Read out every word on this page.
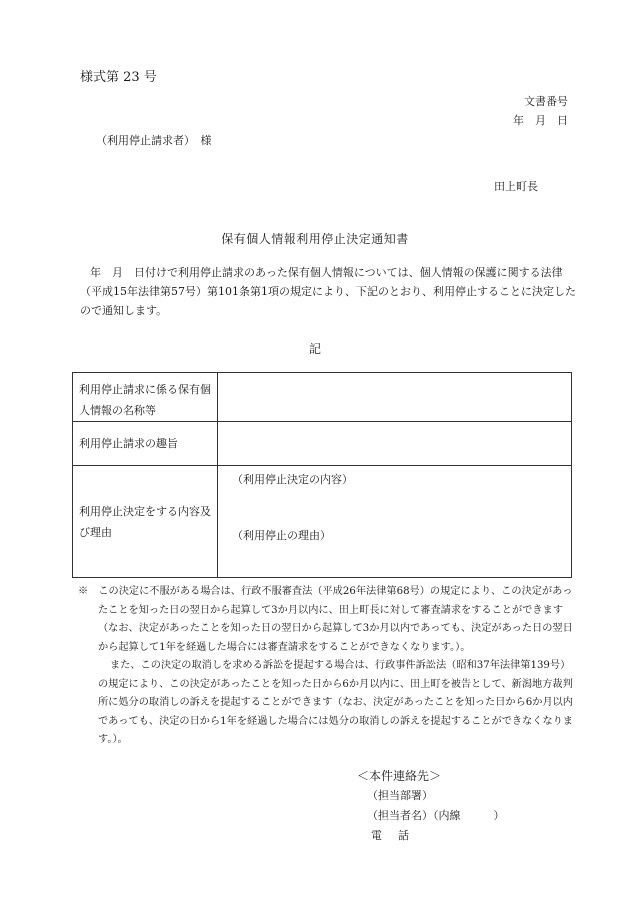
様式第 23 号
文書番号
年　月　日
（利用停止請求者）　様
田上町長
保有個人情報利用停止決定通知書
年　月　日付けで利用停止請求のあった保有個人情報については、個人情報の保護に関する法律（平成15年法律第57号）第101条第1項の規定により、下記のとおり、利用停止することに決定したので通知します。
記
利用停止請求に係る保有個人情報の名称等	
利用停止請求の趣旨	
利用停止決定をする内容及び理由	（利用停止決定の内容）
（利用停止の理由）

※　この決定に不服がある場合は、行政不服審査法（平成26年法律第68号）の規定により、この決定があったことを知った日の翌日から起算して3か月以内に、田上町長に対して審査請求をすることができます（なお、決定があったことを知った日の翌日から起算して3か月以内であっても、決定があった日の翌日から起算して1年を経過した場合には審査請求をすることができなくなります。）。

また、この決定の取消しを求める訴訟を提起する場合は、行政事件訴訟法（昭和37年法律第139号）の規定により、この決定があったことを知った日から6か月以内に、田上町を被告として、新潟地方裁判所に処分の取消しの訴えを提起することができます（なお、決定があったことを知った日から6か月以内であっても、決定の日から1年を経過した場合には処分の取消しの訴えを提起することができなくなります。）。

＜本件連絡先＞
（担当部署）
（担当者名）（内線　　　）
電話
